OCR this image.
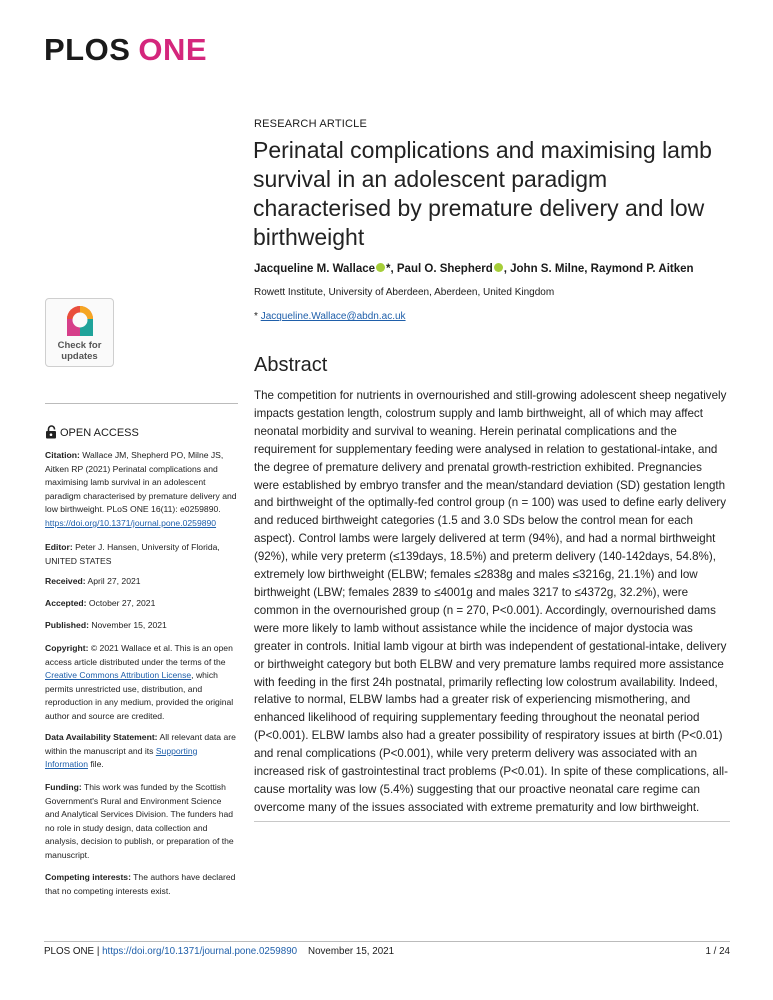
PLOS ONE
RESEARCH ARTICLE
Perinatal complications and maximising lamb survival in an adolescent paradigm characterised by premature delivery and low birthweight
Jacqueline M. Wallace *, Paul O. Shepherd , John S. Milne, Raymond P. Aitken
Rowett Institute, University of Aberdeen, Aberdeen, United Kingdom
* Jacqueline.Wallace@abdn.ac.uk
Abstract
The competition for nutrients in overnourished and still-growing adolescent sheep negatively impacts gestation length, colostrum supply and lamb birthweight, all of which may affect neonatal morbidity and survival to weaning. Herein perinatal complications and the requirement for supplementary feeding were analysed in relation to gestational-intake, and the degree of premature delivery and prenatal growth-restriction exhibited. Pregnancies were established by embryo transfer and the mean/standard deviation (SD) gestation length and birthweight of the optimally-fed control group (n = 100) was used to define early delivery and reduced birthweight categories (1.5 and 3.0 SDs below the control mean for each aspect). Control lambs were largely delivered at term (94%), and had a normal birthweight (92%), while very preterm (≤139days, 18.5%) and preterm delivery (140-142days, 54.8%), extremely low birthweight (ELBW; females ≤2838g and males ≤3216g, 21.1%) and low birthweight (LBW; females 2839 to ≤4001g and males 3217 to ≤4372g, 32.2%), were common in the overnourished group (n = 270, P<0.001). Accordingly, overnourished dams were more likely to lamb without assistance while the incidence of major dystocia was greater in controls. Initial lamb vigour at birth was independent of gestational-intake, delivery or birthweight category but both ELBW and very premature lambs required more assistance with feeding in the first 24h postnatal, primarily reflecting low colostrum availability. Indeed, relative to normal, ELBW lambs had a greater risk of experiencing mismothering, and enhanced likelihood of requiring supplementary feeding throughout the neonatal period (P<0.001). ELBW lambs also had a greater possibility of respiratory issues at birth (P<0.01) and renal complications (P<0.001), while very preterm delivery was associated with an increased risk of gastrointestinal tract problems (P<0.01). In spite of these complications, all-cause mortality was low (5.4%) suggesting that our proactive neonatal care regime can overcome many of the issues associated with extreme prematurity and low birthweight.
Check for
updates
OPEN ACCESS
Citation: Wallace JM, Shepherd PO, Milne JS, Aitken RP (2021) Perinatal complications and maximising lamb survival in an adolescent paradigm characterised by premature delivery and low birthweight. PLoS ONE 16(11): e0259890. https://doi.org/10.1371/journal.pone.0259890
Editor: Peter J. Hansen, University of Florida, UNITED STATES
Received: April 27, 2021
Accepted: October 27, 2021
Published: November 15, 2021
Copyright: © 2021 Wallace et al. This is an open access article distributed under the terms of the Creative Commons Attribution License, which permits unrestricted use, distribution, and reproduction in any medium, provided the original author and source are credited.
Data Availability Statement: All relevant data are within the manuscript and its Supporting Information file.
Funding: This work was funded by the Scottish Government's Rural and Environment Science and Analytical Services Division. The funders had no role in study design, data collection and analysis, decision to publish, or preparation of the manuscript.
Competing interests: The authors have declared that no competing interests exist.
PLOS ONE | https://doi.org/10.1371/journal.pone.0259890 November 15, 2021	1 / 24
